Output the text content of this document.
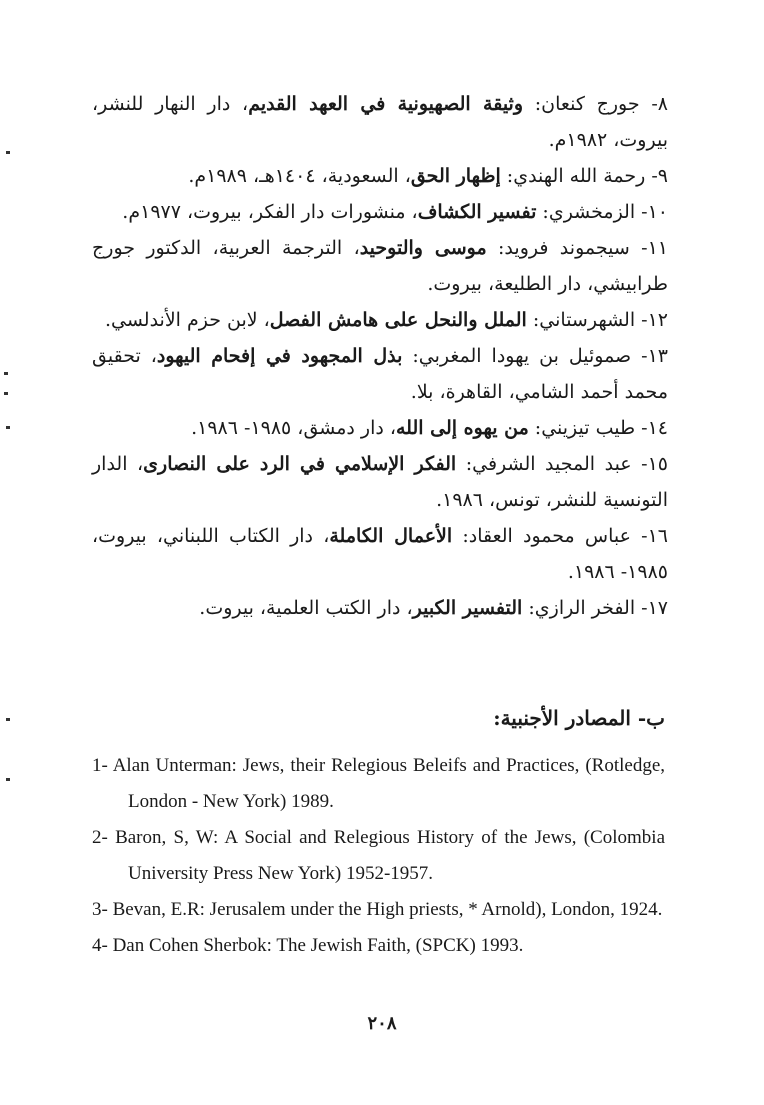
٨- جورج كنعان: وثيقة الصهيونية في العهد القديم، دار النهار للنشر، بيروت، ١٩٨٢م.

٩- رحمة الله الهندي: إظهار الحق، السعودية، ١٤٠٤هـ، ١٩٨٩م.

١٠- الزمخشري: تفسير الكشاف، منشورات دار الفكر، بيروت، ١٩٧٧م.

١١- سيجموند فرويد: موسى والتوحيد، الترجمة العربية، الدكتور جورج طرابيشي، دار الطليعة، بيروت.

١٢- الشهرستاني: الملل والنحل على هامش الفصل، لابن حزم الأندلسي.

١٣- صموئيل بن يهودا المغربي: بذل المجهود في إفحام اليهود، تحقيق محمد أحمد الشامي، القاهرة، بلا.

١٤- طيب تيزيني: من يهوه إلى الله، دار دمشق، ١٩٨٥- ١٩٨٦.

١٥- عبد المجيد الشرفي: الفكر الإسلامي في الرد على النصارى، الدار التونسية للنشر، تونس، ١٩٨٦.

١٦- عباس محمود العقاد: الأعمال الكاملة، دار الكتاب اللبناني، بيروت، ١٩٨٥- ١٩٨٦.

١٧- الفخر الرازي: التفسير الكبير، دار الكتب العلمية، بيروت.

ب- المصادر الأجنبية:

1- Alan Unterman: Jews, their Relegious Beleifs and Practices, (Rotledge, London - New York) 1989.

2- Baron, S, W: A Social and Relegious History of the Jews, (Colombia University Press New York) 1952-1957.

3- Bevan, E.R: Jerusalem under the High priests, * Arnold), London, 1924.

4- Dan Cohen Sherbok: The Jewish Faith, (SPCK) 1993.

٢٠٨
